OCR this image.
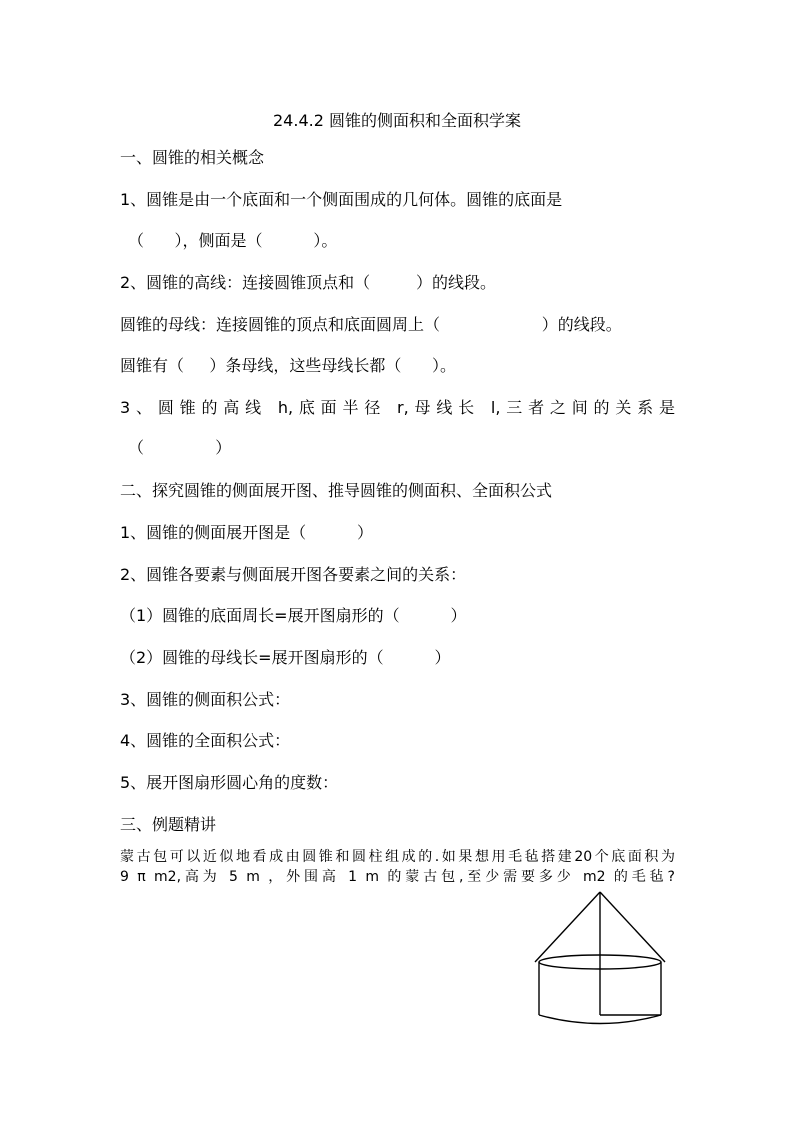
24.4.2 圆锥的侧面积和全面积学案
一、圆锥的相关概念
1、圆锥是由一个底面和一个侧面围成的几何体。圆锥的底面是
（      ），侧面是（          ）。
2、圆锥的高线：连接圆锥顶点和（         ）的线段。
圆锥的母线：连接圆锥的顶点和底面圆周上（                    ）的线段。
圆锥有（     ）条母线，这些母线长都（      ）。
3、圆锥的高线 h,底面半径 r,母线长 l,三者之间的关系是
（              ）
二、探究圆锥的侧面展开图、推导圆锥的侧面积、全面积公式
1、圆锥的侧面展开图是（          ）
2、圆锥各要素与侧面展开图各要素之间的关系：
（1）圆锥的底面周长=展开图扇形的（          ）
（2）圆锥的母线长=展开图扇形的（          ）
3、圆锥的侧面积公式：
4、圆锥的全面积公式：
5、展开图扇形圆心角的度数：
三、例题精讲
蒙古包可以近似地看成由圆锥和圆柱组成的.如果想用毛毡搭建20个底面积为
9 π m2,高为 5 m ，外围高 1 m 的蒙古包,至少需要多少 m2 的毛毡?
